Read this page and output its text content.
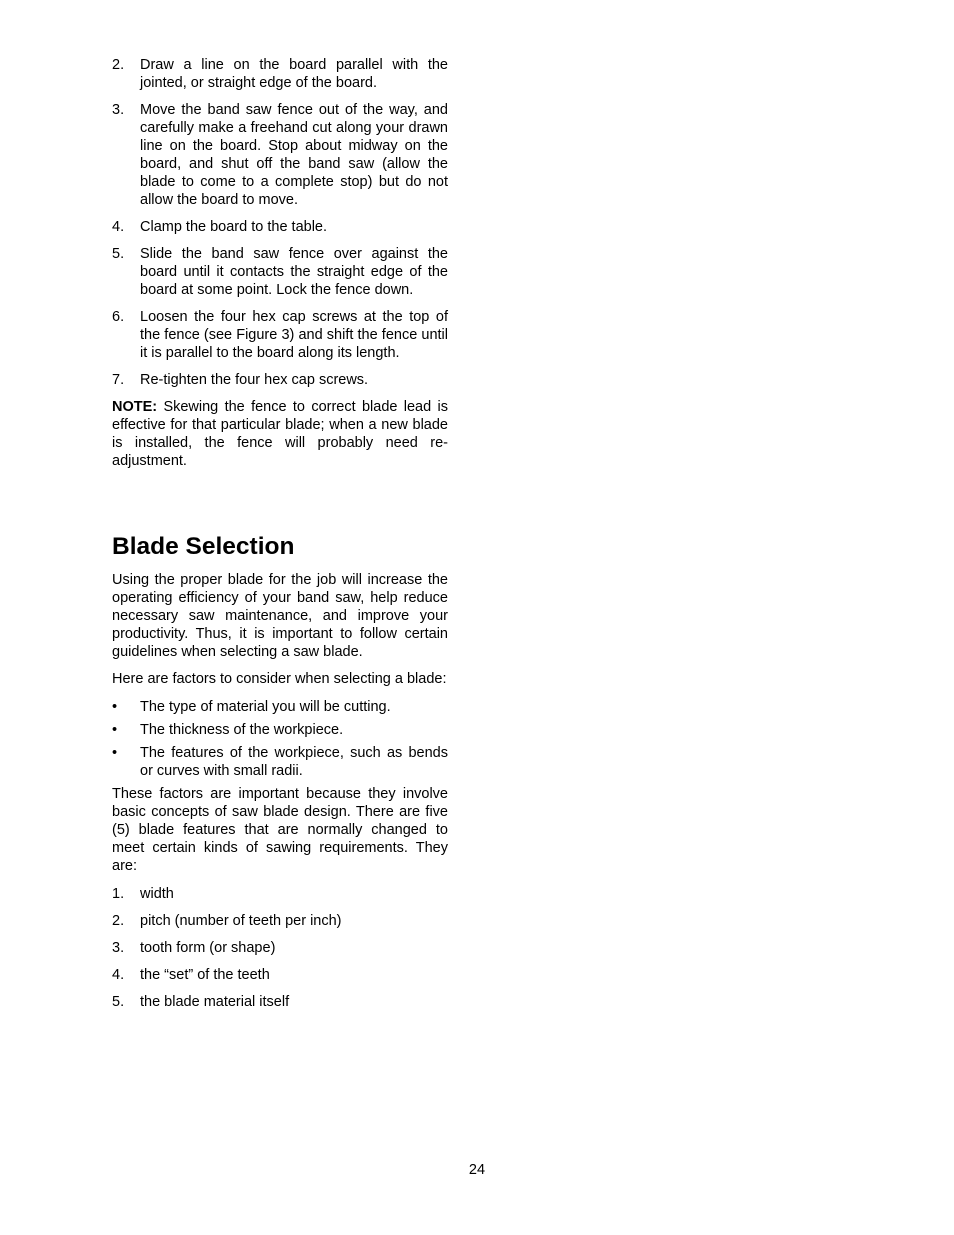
2.	Draw a line on the board parallel with the jointed, or straight edge of the board.
3.	Move the band saw fence out of the way, and carefully make a freehand cut along your drawn line on the board. Stop about midway on the board, and shut off the band saw (allow the blade to come to a complete stop) but do not allow the board to move.
4.	Clamp the board to the table.
5.	Slide the band saw fence over against the board until it contacts the straight edge of the board at some point. Lock the fence down.
6.	Loosen the four hex cap screws at the top of the fence (see Figure 3) and shift the fence until it is parallel to the board along its length.
7.	Re-tighten the four hex cap screws.

NOTE: Skewing the fence to correct blade lead is effective for that particular blade; when a new blade is installed, the fence will probably need re-adjustment.

Blade Selection

Using the proper blade for the job will increase the operating efficiency of your band saw, help reduce necessary saw maintenance, and improve your productivity. Thus, it is important to follow certain guidelines when selecting a saw blade.

Here are factors to consider when selecting a blade:

•	The type of material you will be cutting.
•	The thickness of the workpiece.
•	The features of the workpiece, such as bends or curves with small radii.

These factors are important because they involve basic concepts of saw blade design. There are five (5) blade features that are normally changed to meet certain kinds of sawing requirements. They are:

1.	width
2.	pitch (number of teeth per inch)
3.	tooth form (or shape)
4.	the “set” of the teeth
5.	the blade material itself
24
